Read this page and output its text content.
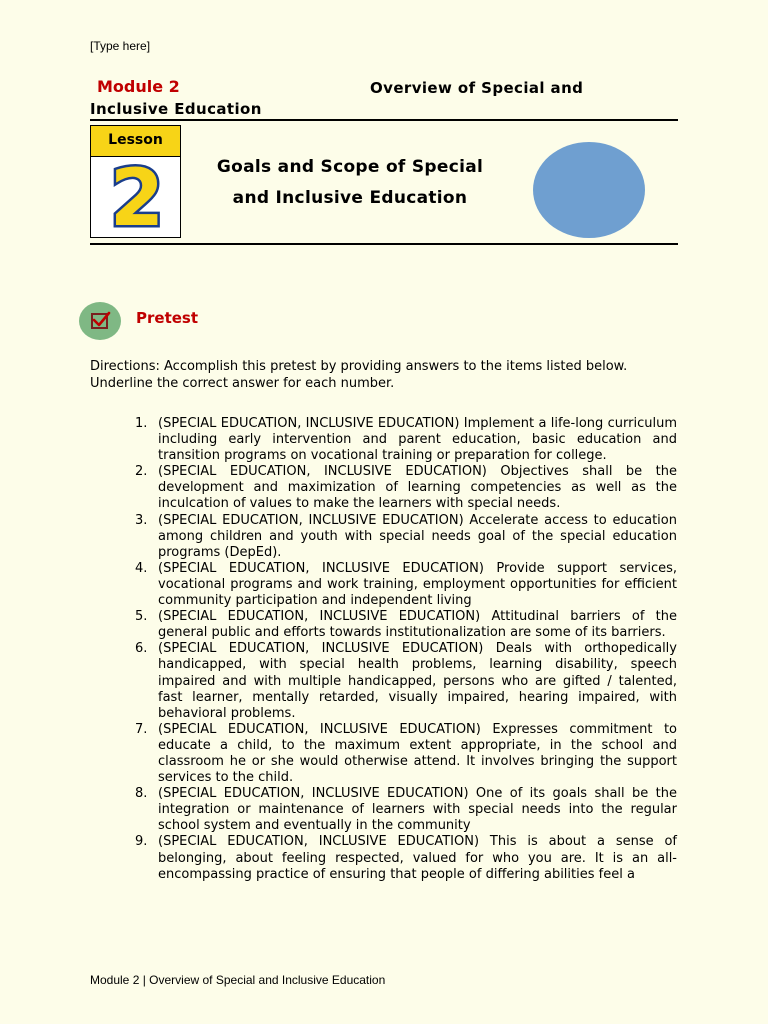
[Type here]
Module 2	Overview of Special and
Inclusive Education
Lesson
2	Goals and Scope of Special
and Inclusive Education
Pretest
Directions: Accomplish this pretest by providing answers to the items listed below.
Underline the correct answer for each number.
1. (SPECIAL EDUCATION, INCLUSIVE EDUCATION) Implement a life-long curriculum including early intervention and parent education, basic education and transition programs on vocational training or preparation for college.
2. (SPECIAL EDUCATION, INCLUSIVE EDUCATION) Objectives shall be the development and maximization of learning competencies as well as the inculcation of values to make the learners with special needs.
3. (SPECIAL EDUCATION, INCLUSIVE EDUCATION) Accelerate access to education among children and youth with special needs goal of the special education programs (DepEd).
4. (SPECIAL EDUCATION, INCLUSIVE EDUCATION) Provide support services, vocational programs and work training, employment opportunities for efficient community participation and independent living
5. (SPECIAL EDUCATION, INCLUSIVE EDUCATION) Attitudinal barriers of the general public and efforts towards institutionalization are some of its barriers.
6. (SPECIAL EDUCATION, INCLUSIVE EDUCATION) Deals with orthopedically handicapped, with special health problems, learning disability, speech impaired and with multiple handicapped, persons who are gifted / talented, fast learner, mentally retarded, visually impaired, hearing impaired, with behavioral problems.
7. (SPECIAL EDUCATION, INCLUSIVE EDUCATION) Expresses commitment to educate a child, to the maximum extent appropriate, in the school and classroom he or she would otherwise attend. It involves bringing the support services to the child.
8. (SPECIAL EDUCATION, INCLUSIVE EDUCATION) One of its goals shall be the integration or maintenance of learners with special needs into the regular school system and eventually in the community
9. (SPECIAL EDUCATION, INCLUSIVE EDUCATION) This is about a sense of belonging, about feeling respected, valued for who you are. It is an all-encompassing practice of ensuring that people of differing abilities feel a
Module 2 | Overview of Special and Inclusive Education
